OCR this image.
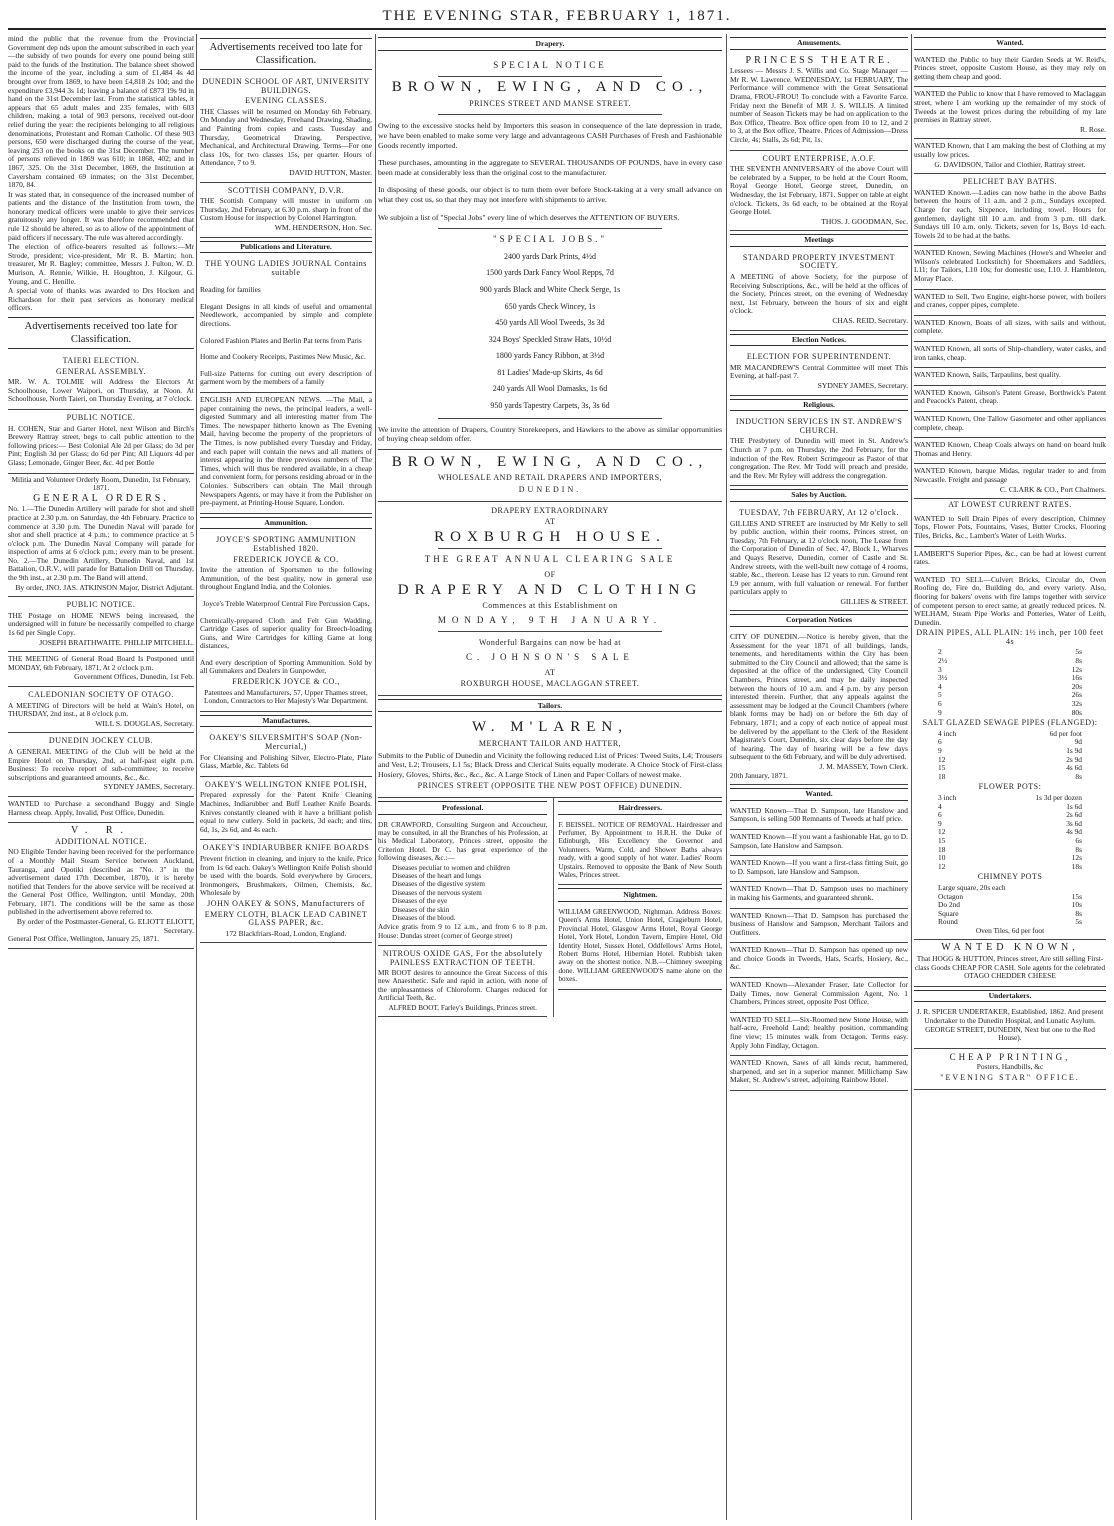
THE EVENING STAR, FEBRUARY 1, 1871.

mind the public that the revenue from the Provincial Government dep nds upon the amount subscribed in each year—the subsidy of two pounds for every one pound being still paid to the funds of the Institution. The balance sheet showed the income of the year, including a sum of £1,484 4s 4d brought over from 1869, to have been £4,818 2s 10d; and the expenditure £3,944 3s 1d; leaving a balance of £873 19s 9d in hand on the 31st December last. From the statistical tables, it appears that 65 adult males and 235 females, with 603 children, making a total of 903 persons, received out-door relief during the year: the recipients belonging to all religious denominations, Protestant and Roman Catholic. Of these 903 persons, 650 were discharged during the course of the year, leaving 253 on the books on the 31st December. The number of persons relieved in 1869 was 610; in 1868, 402; and in 1867, 325. On the 31st December, 1869, the Institution at Caversham contained 69 inmates; on the 31st December, 1870, 84.

It was stated that, in consequence of the increased number of patients and the distance of the Institution from town, the honorary medical officers were unable to give their services gratuitously any longer. It was therefore recommended that rule 12 should be altered, so as to allow of the appointment of paid officers if necessary. The rule was altered accordingly.

The election of office-bearers resulted as follows:—Mr Strode, president; vice-president, Mr R. B. Martin; hon. treasurer, Mr R. Bagley; committee, Messrs J. Fulton, W. D. Murison, A. Rennie, Wilkie, H. Houghton, J. Kilgour, G. Young, and C. Henille.

A special vote of thanks was awarded to Drs Hocken and Richardson for their past services as honorary medical officers.

Advertisements received too late for Classification.
TAIERI ELECTION.
GENERAL ASSEMBLY.

MR. W. A. TOLMIE will Address the Electors At Schoolhouse, Lower Waipori, on Thursday, at Noon. At Schoolhouse, North Taieri, on Thursday Evening, at 7 o'clock.

PUBLIC NOTICE.

H. COHEN, Star and Garter Hotel, next Wilson and Birch's Brewery Rattray street, begs to call public attention to the following prices:— Best Colonial Ale 2d per Glass; do 3d per Pint; English 3d per Glass; do 6d per Pint; All Liquors 4d per Glass; Lemonade, Ginger Beer, &c. 4d per Bottle

Militia and Volunteer Orderly Room, Dunedin, 1st February, 1871.
GENERAL ORDERS.

No. 1.—The Dunedin Artillery will parade for shot and shell practice at 2.30 p.m. on Saturday, the 4th February. Practice to commence at 3.30 p.m. The Dunedin Naval will parade for shot and shell practice at 4 p.m.; to commence practice at 5 o'clock p.m. The Dunedin Naval Company will parade for inspection of arms at 6 o'clock p.m.; every man to be present. No. 2.—The Dunedin Artillery, Dunedin Naval, and 1st Battalion, O.R.V., will parade for Battalion Drill on Thursday, the 9th inst., at 2.30 p.m. The Band will attend.

By order, JNO. JAS. ATKINSON Major, District Adjutant.
PUBLIC NOTICE.

THE Postage on HOME NEWS being increased, the undersigned will in future be necessarily compelled to charge 1s 6d per Single Copy.

JOSEPH BRAITHWAITE. PHILLIP MITCHELL.

THE MEETING of General Road Board Is Postponed until MONDAY, 6th February, 1871, At 2 o'clock p.m.

Government Offices, Dunedin, 1st Feb.
CALEDONIAN SOCIETY OF OTAGO.

A MEETING of Directors will be held at Wain's Hotel, on THURSDAY, 2nd inst., at 8 o'clock p.m.

WILL S. DOUGLAS, Secretary.
DUNEDIN JOCKEY CLUB.

A GENERAL MEETING of the Club will be held at the Empire Hotel on Thursday, 2nd, at half-past eight p.m. Business: To receive report of sub-committee; to receive subscriptions and guaranteed amounts, &c., &c.

SYDNEY JAMES, Secretary.

WANTED to Purchase a secondhand Buggy and Single Harness cheap. Apply, Invalid, Post Office, Dunedin.

V. R.
ADDITIONAL NOTICE.

NO Eligible Tender having been received for the performance of a Monthly Mail Steam Service between Auckland, Tauranga, and Opotiki (described as "No. 3" in the advertisement dated 17th December, 1870), it is hereby notified that Tenders for the above service will be received at the General Post Office, Wellington, until Monday, 20th February, 1871. The conditions will be the same as those published in the advertisement above referred to.

By order of the Postmaster-General, G. ELIOTT ELIOTT, Secretary.
General Post Office, Wellington, January 25, 1871.
Advertisements received too late for Classification.
DUNEDIN SCHOOL OF ART, UNIVERSITY BUILDINGS.
EVENING CLASSES.

THE Classes will be resumed on Monday 6th February. On Monday and Wednesday, Freehand Drawing, Shading, and Painting from copies and casts. Tuesday and Thursday, Geometrical Drawing, Perspective, Mechanical, and Architectural Drawing. Terms—For one class 10s, for two classes 15s, per quarter. Hours of Attendance, 7 to 9.

DAVID HUTTON, Master.
SCOTTISH COMPANY, D.V.R.

THE Scottish Company will muster in uniform on Thursday, 2nd February, at 6.30 p.m. sharp in front of the Custom House for inspection by Colonel Harrington.

WM. HENDERSON, Hon. Sec.
Publications and Literature.
THE YOUNG LADIES JOURNAL Contains suitable

Reading for families

Elegant Designs in all kinds of useful and ornamental Needlework, accompanied by simple and complete directions.

Colored Fashion Plates and Berlin Pat terns from Paris

Home and Cookery Receipts, Pastimes New Music, &c.

Full-size Patterns for cutting out every description of garment worn by the members of a family

ENGLISH AND EUROPEAN NEWS. —The Mail, a paper containing the news, the principal leaders, a well-digested Summary and all interesting matter from The Times. The newspaper hitherto known as The Evening Mail, having become the property of the proprietors of The Times, is now published every Tuesday and Friday, and each paper will contain the news and all matters of interest appearing in the three previous numbers of The Times, which will thus be rendered available, in a cheap and convenient form, for persons residing abroad or in the Colonies. Subscribers can obtain The Mail through Newspapers Agents, or may have it from the Publisher on pre-payment, at Printing-House Square, London.

Ammunition.
JOYCE'S SPORTING AMMUNITION Established 1820.
FREDERICK JOYCE & CO.

Invite the attention of Sportsmen to the following Ammunition, of the best quality, now in general use throughout England India, and the Colonies.

Joyce's Treble Waterproof Central Fire Percussion Caps,

Chemically-prepared Cloth and Felt Gun Wadding, Cartridge Cases of superior quality for Breech-loading Guns, and Wire Cartridges for killing Game at long distances,

And every description of Sporting Ammunition. Sold by all Gunmakers and Dealers in Gunpowder,

FREDERICK JOYCE & CO.,

Patentees and Manufacturers, 57, Upper Thames street, London, Contractors to Her Majesty's War Department.

Manufactures.
OAKEY'S SILVERSMITH'S SOAP (Non-Mercurial,)

For Cleansing and Polishing Silver, Electro-Plate, Plate Glass, Marble, &c. Tablets 6d

OAKEY'S WELLINGTON KNIFE POLISH,

Prepared expressly for the Patent Knife Cleaning Machines, Indiarubber and Buff Leather Knife Boards. Knives constantly cleaned with it have a brilliant polish equal to new cutlery. Sold in packets, 3d each; and tins, 6d, 1s, 2s 6d, and 4s each.

OAKEY'S INDIARUBBER KNIFE BOARDS

Prevent friction in cleaning, and injury to the knife. Price from 1s 6d each. Oakey's Wellington Knife Polish should be used with the boards. Sold everywhere by Grocers, Ironmongers, Brushmakers, Oilmen, Chemists, &c. Wholesale by

JOHN OAKEY & SONS, Manufacturers of
EMERY CLOTH, BLACK LEAD CABINET GLASS PAPER, &c.
172 Blackfriars-Road, London, England.
Drapery.
SPECIAL NOTICE
BROWN, EWING, AND CO.,
PRINCES STREET AND MANSE STREET.

Owing to the excessive stocks held by Importers this season in consequence of the late depression in trade, we have been enabled to make some very large and advantageous CASH Purchases of Fresh and Fashionable Goods recently imported.

These purchases, amounting in the aggregate to SEVERAL THOUSANDS OF POUNDS, have in every case been made at considerably less than the original cost to the manufacturer.

In disposing of these goods, our object is to turn them over before Stock-taking at a very small advance on what they cost us, so that they may not interfere with shipments to arrive.

We subjoin a list of "Special Jobs" every line of which deserves the ATTENTION OF BUYERS.

"SPECIAL JOBS."
2400 yards Dark Prints, 4½d
1500 yards Dark Fancy Wool Repps, 7d
900 yards Black and White Check Serge, 1s
650 yards Check Wincey, 1s
450 yards All Wool Tweeds, 3s 3d
324 Boys' Speckled Straw Hats, 10½d
1800 yards Fancy Ribbon, at 3½d
81 Ladies' Made-up Skirts, 4s 6d
240 yards All Wool Damasks, 1s 6d
950 yards Tapestry Carpets, 3s, 3s 6d

We invite the attention of Drapers, Country Storekeepers, and Hawkers to the above as similar opportunities of buying cheap seldom offer.

BROWN, EWING, AND CO.,
WHOLESALE AND RETAIL DRAPERS AND IMPORTERS,
DUNEDIN.
DRAPERY EXTRAORDINARY
AT
ROXBURGH HOUSE.
THE GREAT ANNUAL CLEARING SALE
OF
DRAPERY AND CLOTHING
Commences at this Establishment on
MONDAY, 9TH JANUARY.
Wonderful Bargains can now be had at
C. JOHNSON'S SALE
AT
ROXBURGH HOUSE, MACLAGGAN STREET.
Tailors.
W. M'LAREN,
MERCHANT TAILOR AND HATTER,

Submits to the Public of Dunedin and Vicinity the following reduced List of Prices: Tweed Suits, L4; Trousers and Vest, L2; Trousers, L1 5s; Black Dress and Clerical Suits equally moderate. A Choice Stock of First-class Hosiery, Gloves, Shirts, &c., &c., &c. A Large Stock of Linen and Paper Collars of newest make.

PRINCES STREET (OPPOSITE THE NEW POST OFFICE) DUNEDIN.
Professional.

DR CRAWFORD, Consulting Surgeon and Accoucheur, may be consulted, in all the Branches of his Profession, at his Medical Laboratory, Princes street, opposite the Criterion Hotel. Dr C. has great experience of the following diseases, &c.:—

Diseases peculiar to women and children
Diseases of the heart and lungs
Diseases of the digestive system
Diseases of the nervous system
Diseases of the eye
Diseases of the skin
Diseases of the blood.

Advice gratis from 9 to 12 a.m., and from 6 to 8 p.m. House: Dundas street (corner of George street)

NITROUS OXIDE GAS, For the absolutely PAINLESS EXTRACTION OF TEETH.

MR BOOT desires to announce the Great Success of this new Anaesthetic. Safe and rapid in action, with none of the unpleasantness of Chloroform. Charges reduced for Artificial Teeth, &c.

ALFRED BOOT, Farley's Buildings, Princes street.
Hairdressers.

F. BEISSEL. NOTICE OF REMOVAL. Hairdresser and Perfumer, By Appointment to H.R.H. the Duke of Edinburgh, His Excellency the Governor and Volunteers. Warm, Cold, and Shower Baths always ready, with a good supply of hot water. Ladies' Room Upstairs. Removed to opposite the Bank of New South Wales, Princes street.

Nightmen.

WILLIAM GREENWOOD, Nightman. Address Boxes: Queen's Arms Hotel, Union Hotel, Cragieburn Hotel, Provincial Hotel, Glasgow Arms Hotel, Royal George Hotel, York Hotel, London Tavern, Empire Hotel, Old Identity Hotel, Sussex Hotel, Oddfellows' Arms Hotel, Robert Burns Hotel, Hibernian Hotel. Rubbish taken away on the shortest notice. N.B.—Chimney sweeping done. WILLIAM GREENWOOD'S name alone on the boxes.

Amusements.
PRINCESS THEATRE.

Lessees — Messrs J. S. Willis and Co. Stage Manager — Mr R. W. Lawrence. WEDNESDAY, 1st FEBRUARY, The Performance will commence with the Great Sensational Drama, FROU-FROU! To conclude with a Favorite Farce. Friday next the Benefit of MR J. S. WILLIS. A limited number of Season Tickets may be had on application to the Box Office, Theatre. Box office open from 10 to 12, and 2 to 3, at the Box office, Theatre. Prices of Admission—Dress Circle, 4s; Stalls, 2s 6d; Pit, 1s.

COURT ENTERPRISE, A.O.F.

THE SEVENTH ANNIVERSARY of the above Court will be celebrated by a Supper, to be held at the Court Room, Royal George Hotel, George street, Dunedin, on Wednesday, the 1st February, 1871. Supper on table at eight o'clock. Tickets, 3s 6d each, to be obtained at the Royal George Hotel.

THOS. J. GOODMAN, Sec.
Meetings
STANDARD PROPERTY INVESTMENT SOCIETY.

A MEETING of above Society, for the purpose of Receiving Subscriptions, &c., will be held at the offices of the Society, Princes street, on the evening of Wednesday next, 1st February, between the hours of six and eight o'clock.

CHAS. REID, Secretary.
Election Notices.
ELECTION FOR SUPERINTENDENT.

MR MACANDREW'S Central Committee will meet This Evening, at half-past 7.

SYDNEY JAMES, Secretary.
Religious.
INDUCTION SERVICES IN ST. ANDREW'S CHURCH.

THE Presbytery of Dunedin will meet in St. Andrew's Church at 7 p.m. on Thursday, the 2nd February, for the induction of the Rev. Robert Scrimgeour as Pastor of that congregation. The Rev. Mr Todd will preach and preside, and the Rev. Mr Ryley will address the congregation.

Sales by Auction.
TUESDAY, 7th FEBRUARY, At 12 o'clock.

GILLIES AND STREET are instructed by Mr Kelly to sell by public auction, within their rooms, Princes street, on Tuesday, 7th February, at 12 o'clock noon, The Lease from the Corporation of Dunedin of Sec. 47, Block I., Wharves and Quays Reserve, Dunedin, corner of Castle and St. Andrew streets, with the well-built new cottage of 4 rooms, stable, &c., thereon. Lease has 12 years to run. Ground rent L9 per annum, with full valuation or renewal. For further particulars apply to

GILLIES & STREET.
Corporation Notices

CITY OF DUNEDIN.—Notice is hereby given, that the Assessment for the year 1871 of all buildings, lands, tenements, and hereditaments within the City has been submitted to the City Council and allowed; that the same is deposited at the office of the undersigned, City Council Chambers, Princes street, and may be daily inspected between the hours of 10 a.m. and 4 p.m. by any person interested therein. Further, that any appeals against the assessment may be lodged at the Council Chambers (where blank forms may be had) on or before the 6th day of February, 1871; and a copy of each notice of appeal must be delivered by the appellant to the Clerk of the Resident Magistrate's Court, Dunedin, six clear days before the day of hearing. The day of hearing will be a few days subsequent to the 6th February, and will be duly advertised.

J. M. MASSEY, Town Clerk.
20th January, 1871.
Wanted.

WANTED Known—That D. Sampson, late Hanslow and Sampson, is selling 500 Remnants of Tweeds at half price.

WANTED Known—If you want a fashionable Hat, go to D. Sampson, late Hanslow and Sampson.

WANTED Known—If you want a first-class fitting Suit, go to D. Sampson, late Hanslow and Sampson.

WANTED Known—That D. Sampson uses no machinery in making his Garments, and guaranteed shrunk.

WANTED Known—That D. Sampson has purchased the business of Hanslow and Sampson, Merchant Tailors and Outfitters.

WANTED Known—That D. Sampson has opened up new and choice Goods in Tweeds, Hats, Scarfs, Hosiery, &c., &c.

WANTED Known—Alexander Fraser, late Collector for Daily Times, now General Commission Agent, No. 1 Chambers, Princes street, opposite Post Office.

WANTED TO SELL—Six-Roomed new Stone House, with half-acre, Freehold Land; healthy position, commanding fine view; 15 minutes walk from Octagon. Terms easy. Apply John Findlay, Octagon.

WANTED Known, Saws of all kinds recut, hammered, sharpened, and set in a superior manner. Millichamp Saw Maker, St. Andrew's street, adjoining Rainbow Hotel.

Wanted.

WANTED the Public to buy their Garden Seeds at W. Reid's, Princes street, opposite Custom House, as they may rely on getting them cheap and good.

WANTED the Public to know that I have removed to Maclaggan street, where I am working up the remainder of my stock of Tweeds at the lowest prices during the rebuilding of my late premises in Rattray street.

R. Rose.

WANTED Known, that I am making the best of Clothing at my usually low prices.

G. DAVIDSON, Tailor and Clothier, Rattray street.
PELICHET BAY BATHS.

WANTED Known.—Ladies can now bathe in the above Baths between the hours of 11 a.m. and 2 p.m., Sundays excepted. Charge for each, Sixpence, including towel. Hours for gentlemen, daylight till 10 a.m. and from 3 p.m. till dark. Sundays till 10 a.m. only. Tickets, seven for 1s, Boys 1d each. Towels 2d to be had at the baths.

WANTED Known, Sewing Machines (Howe's and Wheeler and Wilson's celebrated Lockstitch) for Shoemakers and Saddlers, L11; for Tailors, L10 10s; for domestic use, L10. J. Hambleton, Moray Place.

WANTED to Sell, Two Engine, eight-horse power, with boilers and cranes, copper pipes, complete.

WANTED Known, Boats of all sizes, with sails and without, complete.

WANTED Known, all sorts of Ship-chandlery, water casks, and iron tanks, cheap.

WANTED Known, Sails, Tarpaulins, best quality.

WANTED Known, Gibson's Patent Grease, Borthwick's Patent and Peacock's Patent, cheap.

WANTED Known, One Tallow Gasometer and other appliances complete, cheap.

WANTED Known, Cheap Coals always on hand on board hulk Thomas and Henry.

WANTED Known, barque Midas, regular trader to and from Newcastle. Freight and passage

C. CLARK & CO., Port Chalmers.
AT LOWEST CURRENT RATES.

WANTED to Sell Drain Pipes of every description, Chimney Tops, Flower Pots, Fountains, Vases, Butter Crocks, Flooring Tiles, Bricks, &c., Lambert's Water of Leith Works.

LAMBERT'S Superior Pipes, &c., can be had at lowest current rates.

WANTED TO SELL—Culvert Bricks, Circular do, Oven Roofing do, Fire do, Building do, and every variety. Also, flooring for bakers' ovens with fire lamps together with service of competent person to erect same, at greatly reduced prices. N. WELHAM, Steam Pipe Works and Potteries, Water of Leith, Dunedin.

DRAIN PIPES, ALL PLAIN: 1½ inch, per 100 feet 4s
2	5s
2½	8s
3	12s
3½	16s
4	20s
5	26s
6	32s
9	80s
SALT GLAZED SEWAGE PIPES (FLANGED):
4 inch	6d per foot
6	9d
9	1s 9d
12	2s 9d
15	4s 6d
18	8s
FLOWER POTS:
3 inch	1s 3d per dozen
4	1s 6d
6	2s 6d
9	3s 6d
12	4s 9d
15	6s
18	8s
10	12s
12	18s
CHIMNEY POTS
Large square, 20s each
Octagon	15s
Do 2nd	10s
Square	8s
Round	5s
Oven Tiles, 6d per foot
WANTED KNOWN,

That HOGG & HUTTON, Princes street, Are still selling First-class Goods CHEAP FOR CASH. Sole agents for the celebrated OTAGO CHEDDER CHEESE

Undertakers.

J. R. SPICER UNDERTAKER, Established, 1862. And present Undertaker to the Dunedin Hospital, and Lunatic Asylum. GEORGE STREET, DUNEDIN, Next but one to the Red House).

CHEAP PRINTING,
Posters, Handbills, &c
"EVENING STAR" OFFICE.
